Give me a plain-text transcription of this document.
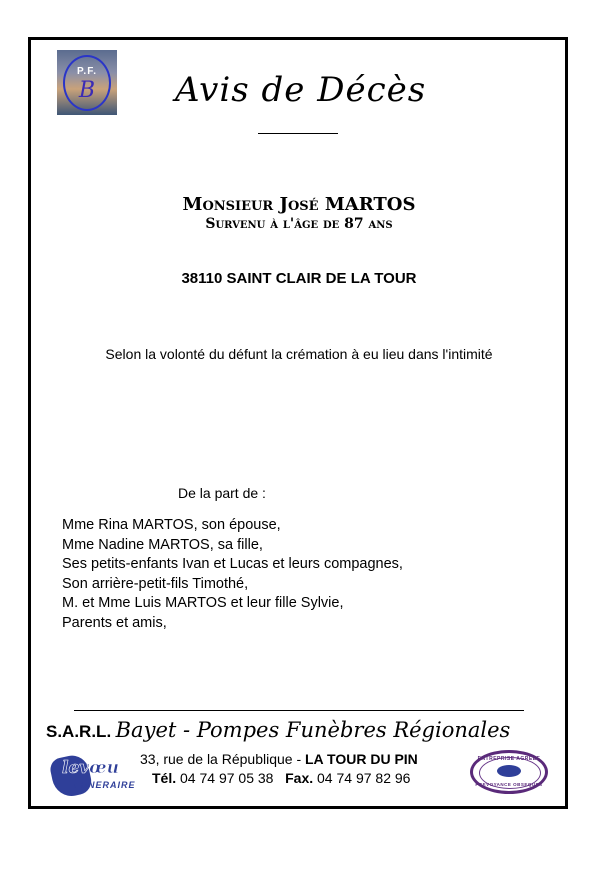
P.F.
B	Avis de Décès
Monsieur José MARTOS
Survenu à l'âge de 87 ans
38110 SAINT CLAIR DE LA TOUR
Selon la volonté du défunt la crémation à eu lieu dans l'intimité
De la part de :
Mme Rina MARTOS, son épouse,
Mme Nadine MARTOS, sa fille,
Ses petits-enfants Ivan et Lucas et leurs compagnes,
Son arrière-petit-fils Timothé,
M. et Mme Luis MARTOS et leur fille Sylvie,
Parents et amis,
S.A.R.L. Bayet - Pompes Funèbres Régionales
levœu
FUNERAIRE
33, rue de la République - LA TOUR DU PIN
Tél. 04 74 97 05 38 Fax. 04 74 97 82 96
ENTREPRISE AGREEE
PREVOYANCE OBSEQUES
